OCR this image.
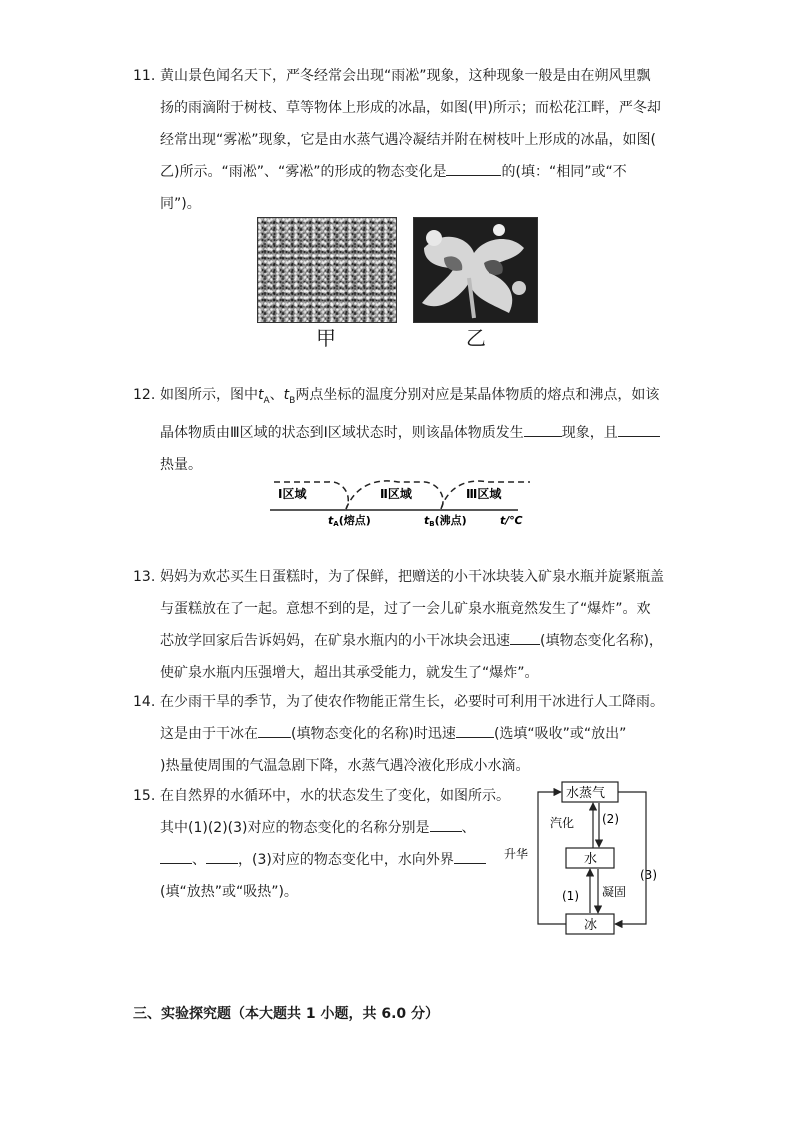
11. 黄山景色闻名天下，严冬经常会出现“雨凇”现象，这种现象一般是由在朔风里飘
扬的雨滴附于树枝、草等物体上形成的冰晶，如图(甲)所示；而松花江畔，严冬却
经常出现“雾凇”现象，它是由水蒸气遇冷凝结并附在树枝叶上形成的冰晶，如图(
乙)所示。“雨凇”、“雾凇”的形成的物态变化是	的(填：“相同”或“不
同”)。
甲	乙
12. 如图所示，图中$t_A$、$t_B$两点坐标的温度分别对应是某晶体物质的熔点和沸点，如该
晶体物质由Ⅲ区域的状态到Ⅰ区域状态时，则该晶体物质发生	现象，且
热量。
Ⅰ区域	Ⅱ区域	Ⅲ区域
tA(熔点)	tB(沸点)	t/℃
13. 妈妈为欢芯买生日蛋糕时，为了保鲜，把赠送的小干冰块装入矿泉水瓶并旋紧瓶盖
与蛋糕放在了一起。意想不到的是，过了一会儿矿泉水瓶竟然发生了“爆炸”。欢
芯放学回家后告诉妈妈，在矿泉水瓶内的小干冰块会迅速 (填物态变化名称)，
使矿泉水瓶内压强增大，超出其承受能力，就发生了“爆炸”。
14. 在少雨干旱的季节，为了使农作物能正常生长，必要时可利用干冰进行人工降雨。
这是由于干冰在 (填物态变化的名称)时迅速	(选填“吸收”或“放出”
)热量使周围的气温急剧下降，水蒸气遇冷液化形成小水滴。
15. 在自然界的水循环中，水的状态发生了变化，如图所示。
其中(1)(2)(3)对应的物态变化的名称分别是 、
、 ，(3)对应的物态变化中，水向外界
(填“放热”或“吸热”)。
水蒸气
水
冰
汽化 (2)
升华
(3)
(1) 凝固
三、实验探究题（本大题共 1 小题，共 6.0 分）
